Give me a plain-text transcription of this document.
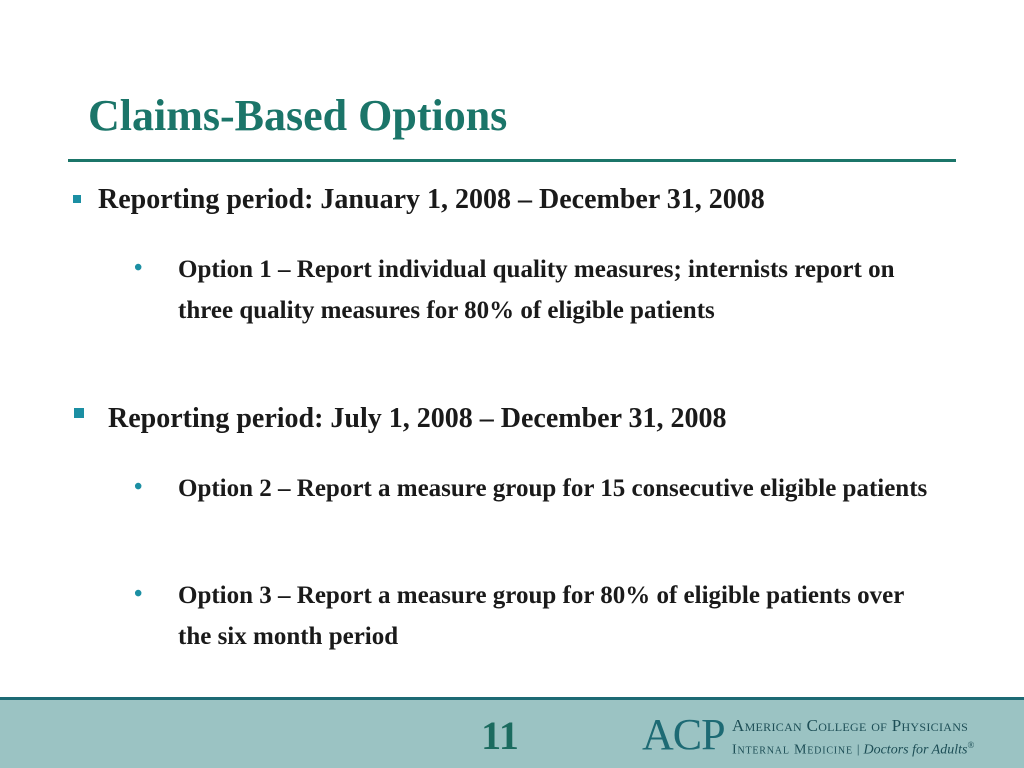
Claims-Based Options
Reporting period: January 1, 2008 – December 31, 2008
• Option 1 – Report individual quality measures; internists report on three quality measures for 80% of eligible patients
Reporting period: July 1, 2008 – December 31, 2008
• Option 2 – Report a measure group for 15 consecutive eligible patients
• Option 3 – Report a measure group for 80% of eligible patients over the six month period
11	ACP American College of Physicians
Internal Medicine | Doctors for Adults®
